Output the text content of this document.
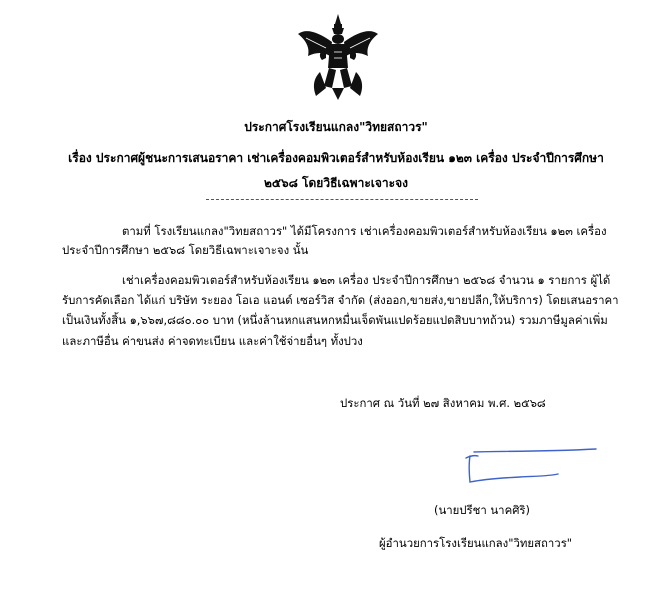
ประกาศโรงเรียนแกลง"วิทยสถาวร"
เรื่อง ประกาศผู้ชนะการเสนอราคา เช่าเครื่องคอมพิวเตอร์สำหรับห้องเรียน ๑๒๓ เครื่อง ประจำปีการศึกษา
๒๕๖๘ โดยวิธีเฉพาะเจาะจง
ตามที่ โรงเรียนแกลง"วิทยสถาวร" ได้มีโครงการ เช่าเครื่องคอมพิวเตอร์สำหรับห้องเรียน ๑๒๓ เครื่อง
ประจำปีการศึกษา ๒๕๖๘ โดยวิธีเฉพาะเจาะจง นั้น
เช่าเครื่องคอมพิวเตอร์สำหรับห้องเรียน ๑๒๓ เครื่อง ประจำปีการศึกษา ๒๕๖๘ จำนวน ๑ รายการ ผู้ได้
รับการคัดเลือก ได้แก่ บริษัท ระยอง โอเอ แอนด์ เซอร์วิส จำกัด (ส่งออก,ขายส่ง,ขายปลีก,ให้บริการ) โดยเสนอราคา
เป็นเงินทั้งสิ้น ๑,๖๖๗,๘๘๐.๐๐ บาท (หนึ่งล้านหกแสนหกหมื่นเจ็ดพันแปดร้อยแปดสิบบาทถ้วน) รวมภาษีมูลค่าเพิ่ม
และภาษีอื่น ค่าขนส่ง ค่าจดทะเบียน และค่าใช้จ่ายอื่นๆ ทั้งปวง
ประกาศ ณ วันที่ ๒๗ สิงหาคม พ.ศ. ๒๕๖๘
(นายปรีชา นาคศิริ)
ผู้อำนวยการโรงเรียนแกลง"วิทยสถาวร"
